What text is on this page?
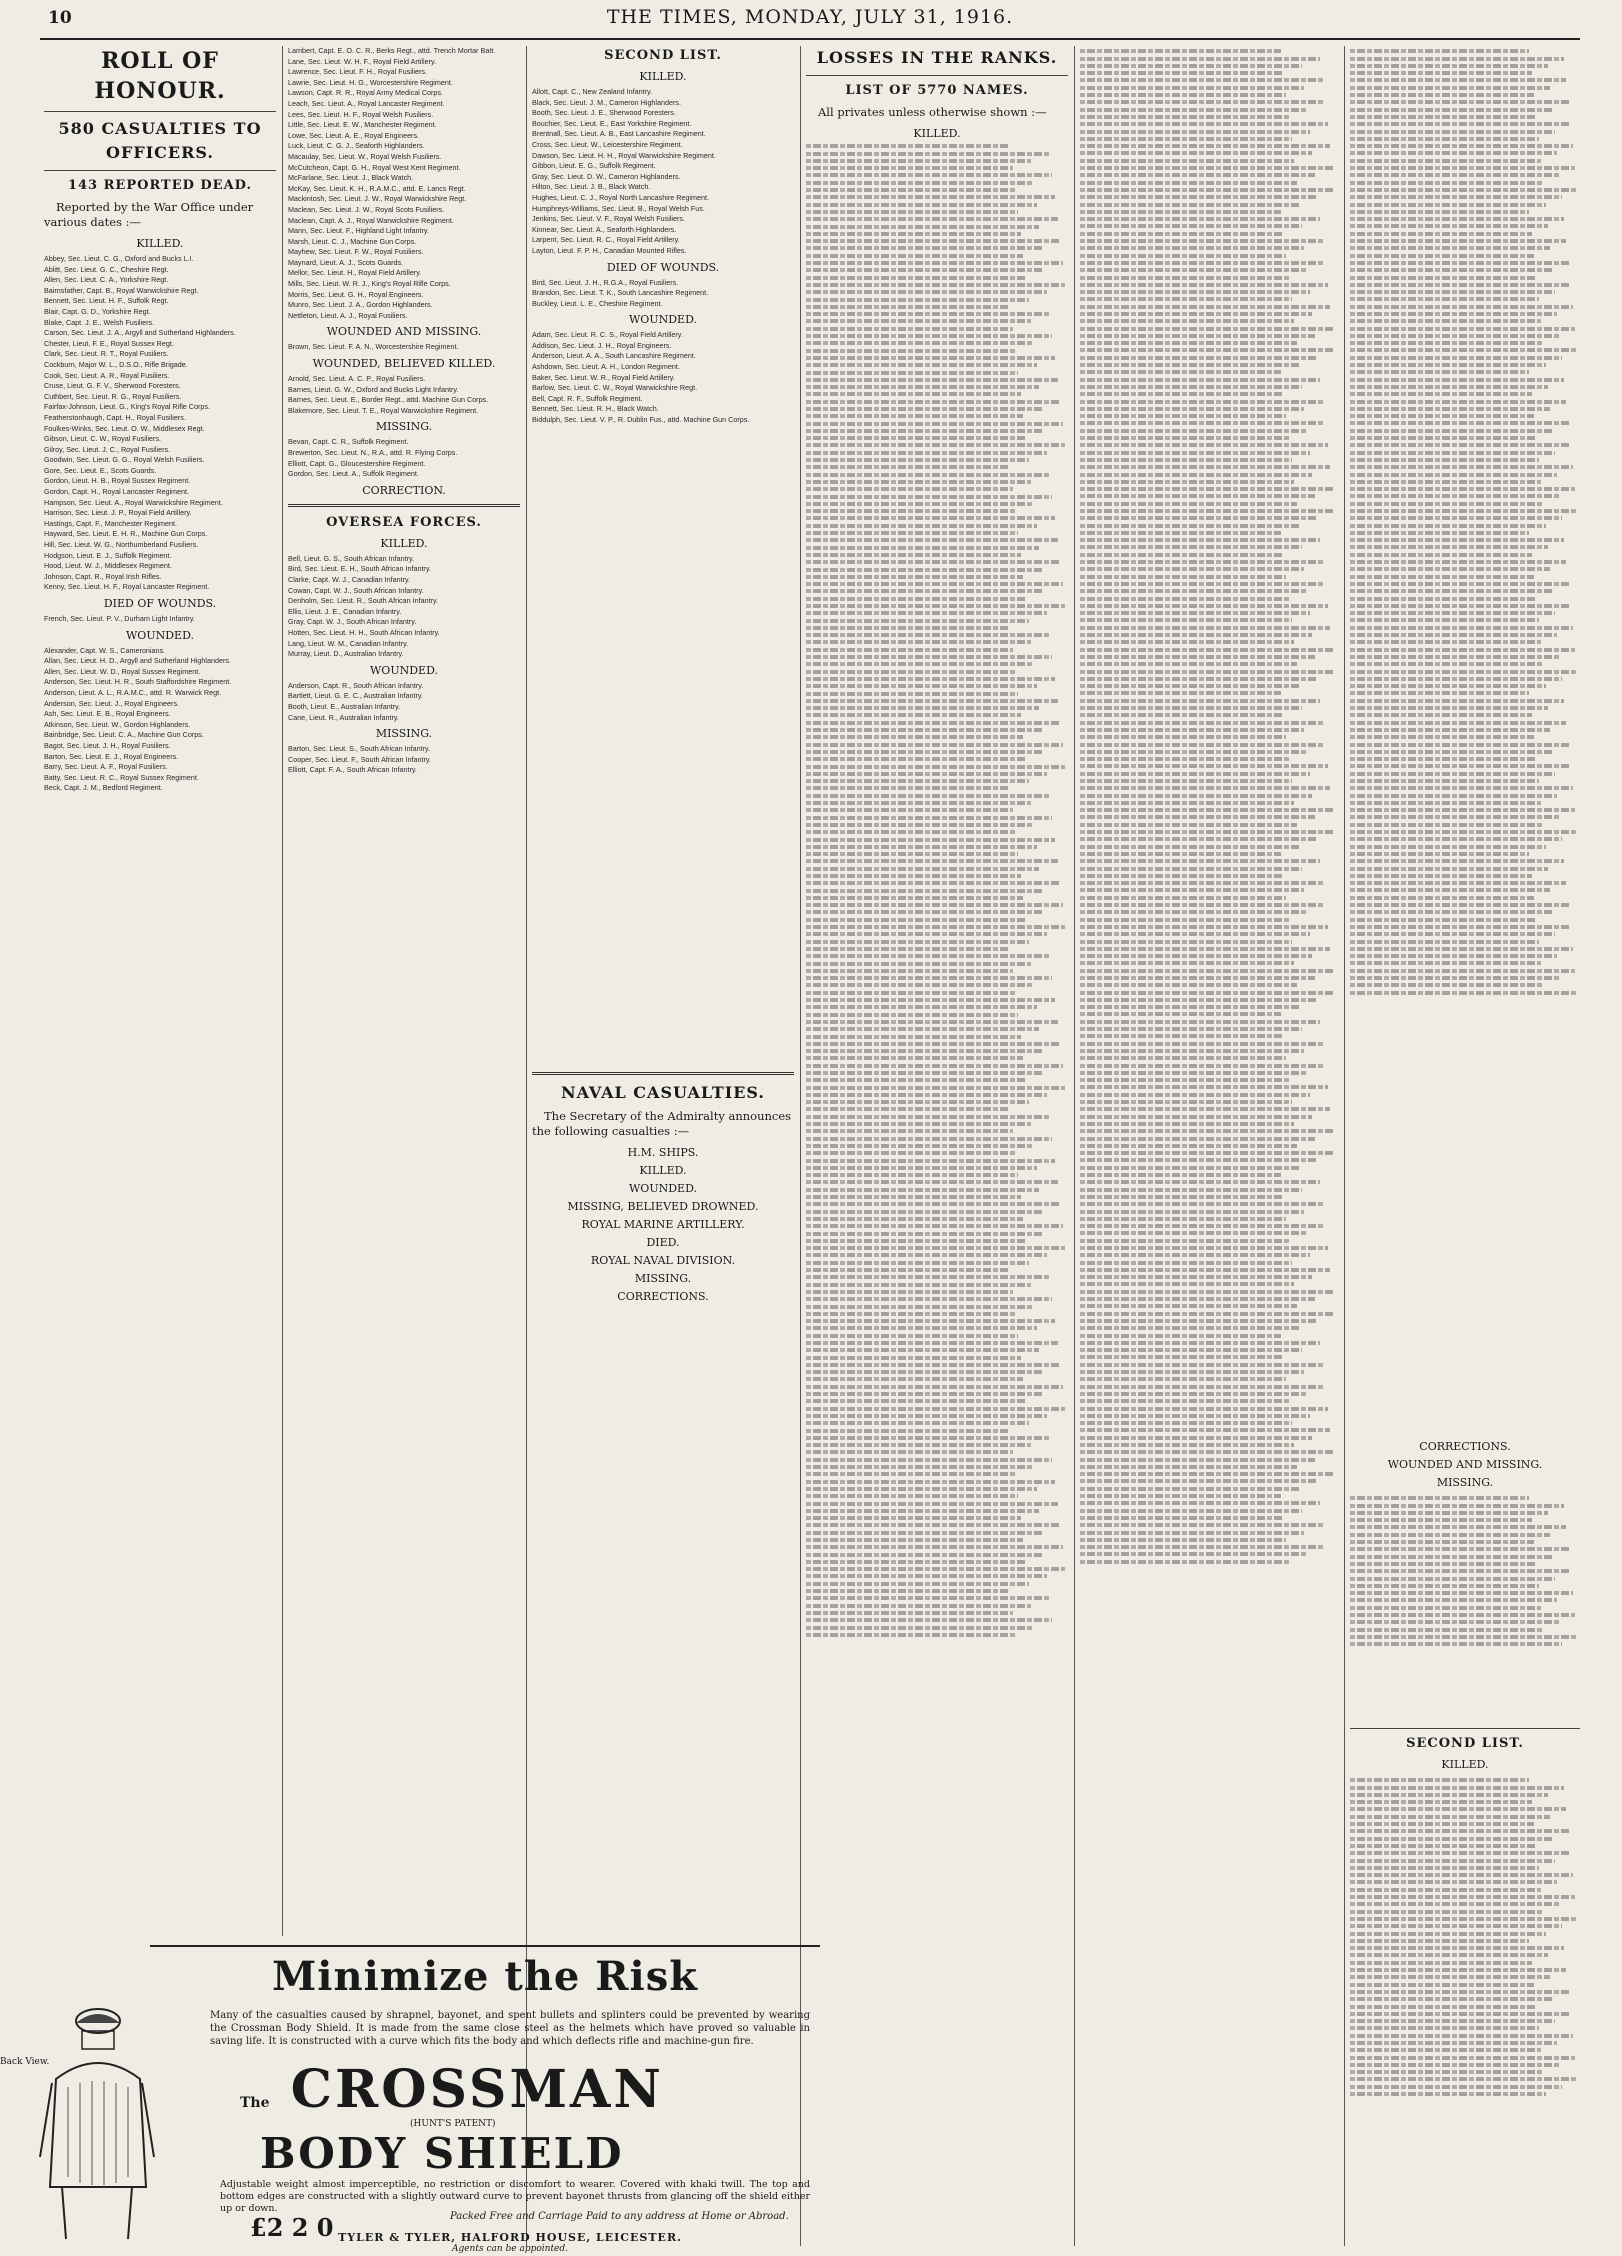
10	THE TIMES, MONDAY, JULY 31, 1916.
ROLL OF HONOUR.
580 CASUALTIES TO OFFICERS.
143 REPORTED DEAD.
Reported by the War Office under various dates :—
KILLED.
Abbey, Sec. Lieut. C. G., Oxford and Bucks L.I.
Ablitt, Sec. Lieut. G. C., Cheshire Regt.
Allen, Sec. Lieut. C. A., Yorkshire Regt.
Bairnsfather, Capt. B., Royal Warwickshire Regt.
Bennett, Sec. Lieut. H. F., Suffolk Regt.
Blair, Capt. G. D., Yorkshire Regt.
Blake, Capt. J. E., Welsh Fusiliers.
Carson, Sec. Lieut. J. A., Argyll and Sutherland Highlanders.
Chester, Lieut. F. E., Royal Sussex Regt.
Clark, Sec. Lieut. R. T., Royal Fusiliers.
Cockburn, Major W. L., D.S.O., Rifle Brigade.
Cook, Sec. Lieut. A. R., Royal Fusiliers.
Cruse, Lieut. G. F. V., Sherwood Foresters.
Cuthbert, Sec. Lieut. R. G., Royal Fusiliers.
Fairfax-Johnson, Lieut. G., King's Royal Rifle Corps.
Featherstonhaugh, Capt. H., Royal Fusiliers.
Foulkes-Winks, Sec. Lieut. O. W., Middlesex Regt.
Gibson, Lieut. C. W., Royal Fusiliers.
Gilroy, Sec. Lieut. J. C., Royal Fusiliers.
Goodwin, Sec. Lieut. G. G., Royal Welsh Fusiliers.
Gore, Sec. Lieut. E., Scots Guards.
Gordon, Lieut. H. B., Royal Sussex Regiment.
Gordon, Capt. H., Royal Lancaster Regiment.
Hampson, Sec. Lieut. A., Royal Warwickshire Regiment.
Harrison, Sec. Lieut. J. P., Royal Field Artillery.
Hastings, Capt. F., Manchester Regiment.
Hayward, Sec. Lieut. E. H. R., Machine Gun Corps.
Hill, Sec. Lieut. W. G., Northumberland Fusiliers.
Hodgson, Lieut. E. J., Suffolk Regiment.
Hood, Lieut. W. J., Middlesex Regiment.
Johnson, Capt. R., Royal Irish Rifles.
Kenny, Sec. Lieut. H. F., Royal Lancaster Regiment.
DIED OF WOUNDS.
French, Sec. Lieut. P. V., Durham Light Infantry.
WOUNDED.
Alexander, Capt. W. S., Cameronians.
Allan, Sec. Lieut. H. D., Argyll and Sutherland Highlanders.
Allen, Sec. Lieut. W. D., Royal Sussex Regiment.
Anderson, Sec. Lieut. H. R., South Staffordshire Regiment.
Anderson, Lieut. A. L., R.A.M.C., attd. R. Warwick Regt.
Anderson, Sec. Lieut. J., Royal Engineers.
Ash, Sec. Lieut. E. B., Royal Engineers.
Atkinson, Sec. Lieut. W., Gordon Highlanders.
Bainbridge, Sec. Lieut. C. A., Machine Gun Corps.
Bagot, Sec. Lieut. J. H., Royal Fusiliers.
Barton, Sec. Lieut. E. J., Royal Engineers.
Barry, Sec. Lieut. A. F., Royal Fusiliers.
Batty, Sec. Lieut. R. C., Royal Sussex Regiment.
Beck, Capt. J. M., Bedford Regiment.
Lambert, Capt. E. O. C. R., Berks Regt., attd. Trench Mortar Batt.
Lane, Sec. Lieut. W. H. F., Royal Field Artillery.
Lawrence, Sec. Lieut. F. H., Royal Fusiliers.
Lawrie, Sec. Lieut. H. G., Worcestershire Regiment.
Lawson, Capt. R. R., Royal Army Medical Corps.
Leach, Sec. Lieut. A., Royal Lancaster Regiment.
Lees, Sec. Lieut. H. F., Royal Welsh Fusiliers.
Little, Sec. Lieut. E. W., Manchester Regiment.
Lowe, Sec. Lieut. A. E., Royal Engineers.
Luck, Lieut. C. G. J., Seaforth Highlanders.
Macaulay, Sec. Lieut. W., Royal Welsh Fusiliers.
McCutcheon, Capt. G. H., Royal West Kent Regiment.
McFarlane, Sec. Lieut. J., Black Watch.
McKay, Sec. Lieut. K. H., R.A.M.C., attd. E. Lancs Regt.
Mackintosh, Sec. Lieut. J. W., Royal Warwickshire Regt.
Maclean, Sec. Lieut. J. W., Royal Scots Fusiliers.
Maclean, Capt. A. J., Royal Warwickshire Regiment.
Mann, Sec. Lieut. F., Highland Light Infantry.
Marsh, Lieut. C. J., Machine Gun Corps.
Mayhew, Sec. Lieut. F. W., Royal Fusiliers.
Maynard, Lieut. A. J., Scots Guards.
Mellor, Sec. Lieut. H., Royal Field Artillery.
Mills, Sec. Lieut. W. R. J., King's Royal Rifle Corps.
Morris, Sec. Lieut. G. H., Royal Engineers.
Munro, Sec. Lieut. J. A., Gordon Highlanders.
Nettleton, Lieut. A. J., Royal Fusiliers.
WOUNDED AND MISSING.
Brown, Sec. Lieut. F. A. N., Worcestershire Regiment.
WOUNDED, BELIEVED KILLED.
Arnold, Sec. Lieut. A. C. P., Royal Fusiliers.
Barnes, Lieut. G. W., Oxford and Bucks Light Infantry.
Barnes, Sec. Lieut. E., Border Regt., attd. Machine Gun Corps.
Blakemore, Sec. Lieut. T. E., Royal Warwickshire Regiment.
MISSING.
Bevan, Capt. C. R., Suffolk Regiment.
Brewerton, Sec. Lieut. N., R.A., attd. R. Flying Corps.
Elliott, Capt. G., Gloucestershire Regiment.
Gordon, Sec. Lieut. A., Suffolk Regiment.
CORRECTION.
OVERSEA FORCES.
KILLED.
Bell, Lieut. G. S., South African Infantry.
Bird, Sec. Lieut. E. H., South African Infantry.
Clarke, Capt. W. J., Canadian Infantry.
Cowan, Capt. W. J., South African Infantry.
Denholm, Sec. Lieut. R., South African Infantry.
Ellis, Lieut. J. E., Canadian Infantry.
Gray, Capt. W. J., South African Infantry.
Hotten, Sec. Lieut. H. H., South African Infantry.
Lang, Lieut. W. M., Canadian Infantry.
Murray, Lieut. D., Australian Infantry.
WOUNDED.
Anderson, Capt. R., South African Infantry.
Bartlett, Lieut. G. E. C., Australian Infantry.
Booth, Lieut. E., Australian Infantry.
Cane, Lieut. R., Australian Infantry.
MISSING.
Barton, Sec. Lieut. S., South African Infantry.
Cooper, Sec. Lieut. F., South African Infantry.
Elliott, Capt. F. A., South African Infantry.
SECOND LIST.
KILLED.
Allott, Capt. C., New Zealand Infantry.
Black, Sec. Lieut. J. M., Cameron Highlanders.
Booth, Sec. Lieut. J. E., Sherwood Foresters.
Bouchier, Sec. Lieut. E., East Yorkshire Regiment.
Brentnall, Sec. Lieut. A. B., East Lancashire Regiment.
Cross, Sec. Lieut. W., Leicestershire Regiment.
Dawson, Sec. Lieut. H. H., Royal Warwickshire Regiment.
Gibbon, Lieut. E. G., Suffolk Regiment.
Gray, Sec. Lieut. D. W., Cameron Highlanders.
Hilton, Sec. Lieut. J. B., Black Watch.
Hughes, Lieut. C. J., Royal North Lancashire Regiment.
Humphreys-Williams, Sec. Lieut. B., Royal Welsh Fus.
Jenkins, Sec. Lieut. V. F., Royal Welsh Fusiliers.
Kinnear, Sec. Lieut. A., Seaforth Highlanders.
Larpent, Sec. Lieut. R. C., Royal Field Artillery.
Layton, Lieut. F. P. H., Canadian Mounted Rifles.
DIED OF WOUNDS.
Bird, Sec. Lieut. J. H., R.G.A., Royal Fusiliers.
Brandon, Sec. Lieut. T. K., South Lancashire Regiment.
Buckley, Lieut. L. E., Cheshire Regiment.
WOUNDED.
Adam, Sec. Lieut. R. C. S., Royal Field Artillery.
Addison, Sec. Lieut. J. H., Royal Engineers.
Anderson, Lieut. A. A., South Lancashire Regiment.
Ashdown, Sec. Lieut. A. H., London Regiment.
Baker, Sec. Lieut. W. R., Royal Field Artillery.
Barlow, Sec. Lieut. C. W., Royal Warwickshire Regt.
Bell, Capt. R. F., Suffolk Regiment.
Bennett, Sec. Lieut. R. H., Black Watch.
Biddulph, Sec. Lieut. V. P., R. Dublin Fus., attd. Machine Gun Corps.
NAVAL CASUALTIES.
The Secretary of the Admiralty announces the following casualties :—
H.M. SHIPS.
KILLED.
WOUNDED.
MISSING, BELIEVED DROWNED.
ROYAL MARINE ARTILLERY.
DIED.
ROYAL NAVAL DIVISION.
MISSING.
CORRECTIONS.
LOSSES IN THE RANKS.
LIST OF 5770 NAMES.
All privates unless otherwise shown :—
KILLED.
CORRECTIONS.
WOUNDED AND MISSING.
MISSING.
SECOND LIST.
KILLED.
Minimize the Risk
Many of the casualties caused by shrapnel, bayonet, and spent bullets and splinters could be prevented by wearing the Crossman Body Shield. It is made from the same close steel as the helmets which have proved so valuable in saving life. It is constructed with a curve which fits the body and which deflects rifle and machine-gun fire.
The CROSSMAN
(HUNT'S PATENT)
BODY SHIELD
Adjustable weight almost imperceptible, no restriction or discomfort to wearer. Covered with khaki twill. The top and bottom edges are constructed with a slightly outward curve to prevent bayonet thrusts from glancing off the shield either up or down.
£2 2 0	Packed Free and Carriage Paid to any address at Home or Abroad.
TYLER & TYLER, HALFORD HOUSE, LEICESTER.
Agents can be appointed.
Back View.
